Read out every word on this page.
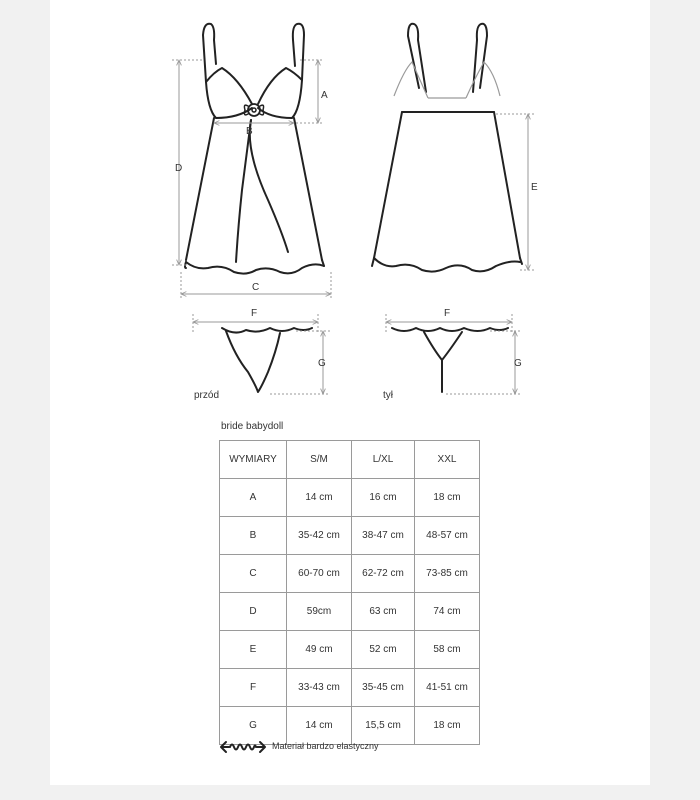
A
B
C
D
E
F
G
F
G
przód	tył
bride babydoll
WYMIARY	S/M	L/XL	XXL
A	14 cm	16 cm	18 cm
B	35-42 cm	38-47 cm	48-57 cm
C	60-70 cm	62-72 cm	73-85 cm
D	59cm	63 cm	74 cm
E	49 cm	52 cm	58 cm
F	33-43 cm	35-45 cm	41-51 cm
G	14 cm	15,5 cm	18 cm
Materiał bardzo elastyczny
